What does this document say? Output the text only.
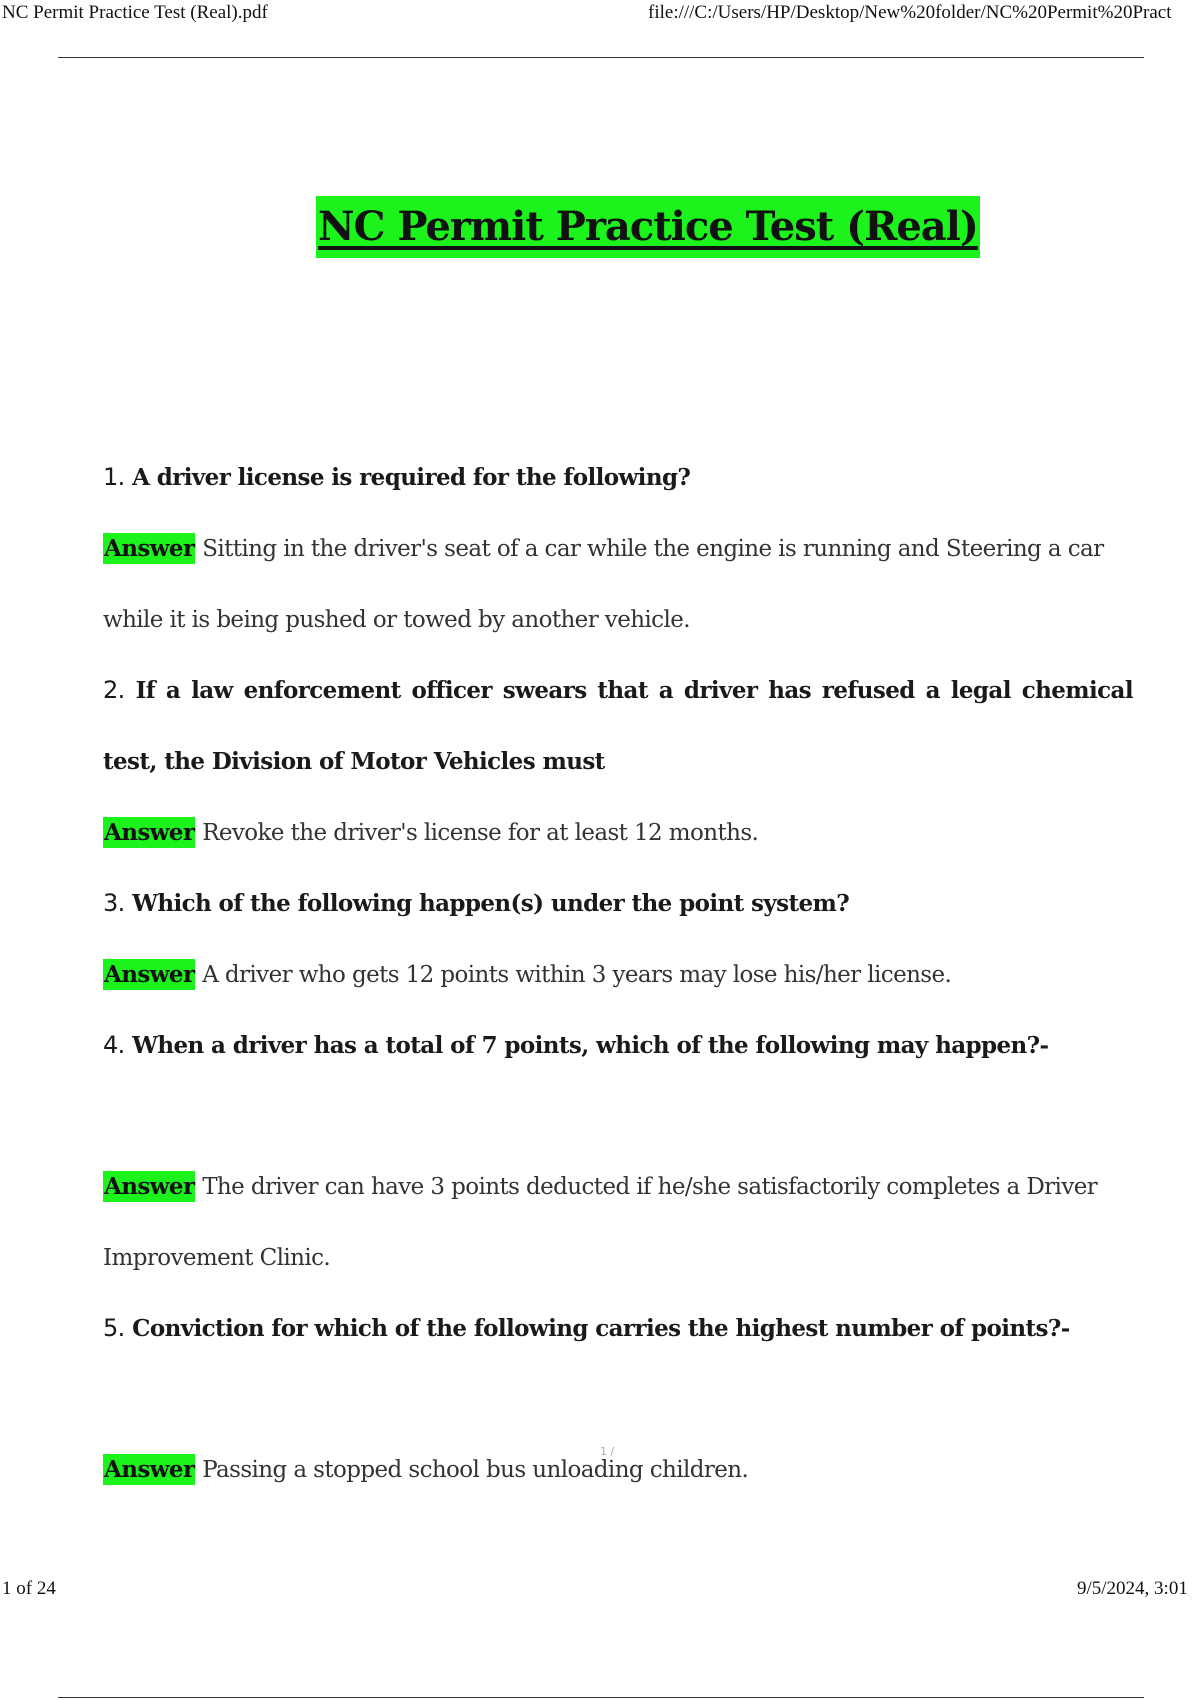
NC Permit Practice Test (Real).pdf	file:///C:/Users/HP/Desktop/New%20folder/NC%20Permit%20Pract
NC Permit Practice Test (Real)
1. A driver license is required for the following?
Answer Sitting in the driver's seat of a car while the engine is running and Steering a car while it is being pushed or towed by another vehicle.
2. If a law enforcement officer swears that a driver has refused a legal chemical test, the Division of Motor Vehicles must
Answer Revoke the driver's license for at least 12 months.
3. Which of the following happen(s) under the point system?
Answer A driver who gets 12 points within 3 years may lose his/her license.
4. When a driver has a total of 7 points, which of the following may happen?-
Answer The driver can have 3 points deducted if he/she satisfactorily completes a Driver Improvement Clinic.
5. Conviction for which of the following carries the highest number of points?-
Answer Passing a stopped school bus unloading children.
1 /
1 of 24	9/5/2024, 3:01
